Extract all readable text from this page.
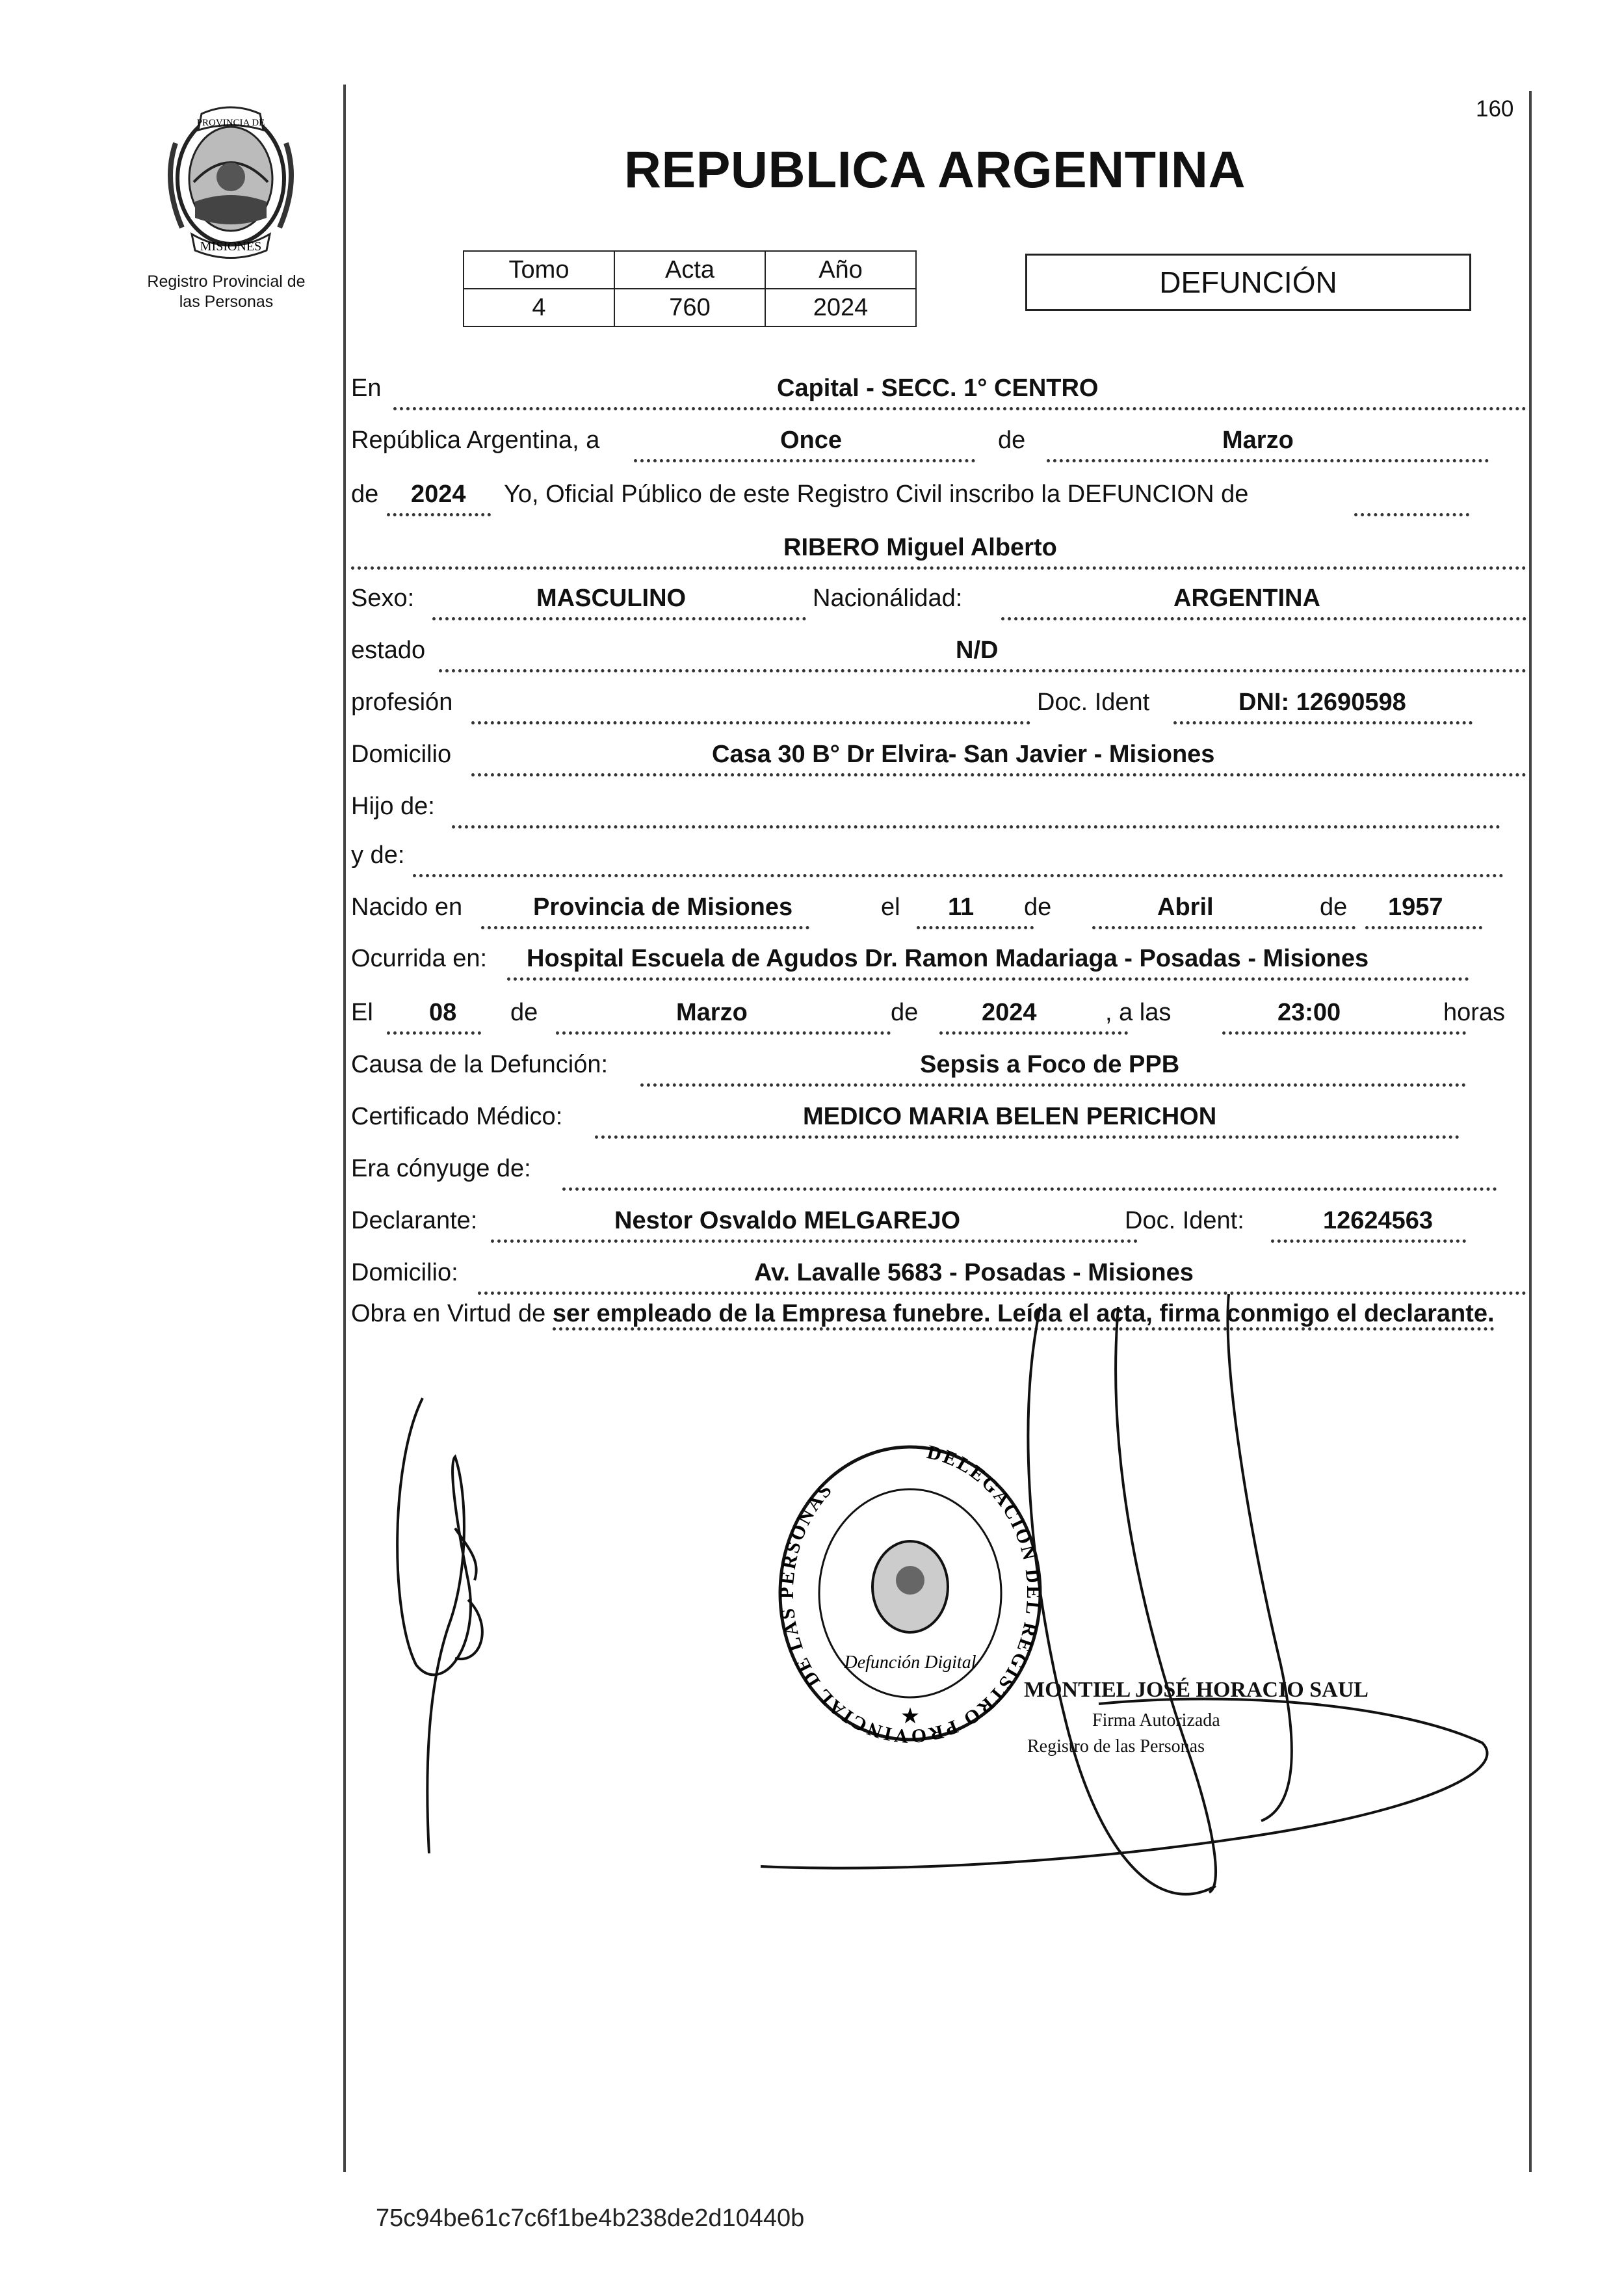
PROVINCIA DE
MISIONES
Registro Provincial de
las Personas
160
REPUBLICA ARGENTINA
Tomo	Acta	Año
4	760	2024
DEFUNCIÓN
En	Capital - SECC. 1° CENTRO
República Argentina, a	Once	de	Marzo
de 2024 Yo, Oficial Público de este Registro Civil inscribo la DEFUNCION de
RIBERO Miguel Alberto
Sexo:	MASCULINO	Nacionálidad:	ARGENTINA
estado	N/D
profesión	Doc. Ident	DNI: 12690598
Domicilio	Casa 30 B° Dr Elvira- San Javier - Misiones
Hijo de:
y de:
Nacido en	Provincia de Misiones	el 11 de	Abril	de 1957
Ocurrida en: Hospital Escuela de Agudos Dr. Ramon Madariaga - Posadas - Misiones
El 08 de	Marzo	de	2024	, a las	23:00	horas
Causa de la Defunción:	Sepsis a Foco de PPB
Certificado Médico:	MEDICO MARIA BELEN PERICHON
Era cónyuge de:
Declarante:	Nestor Osvaldo MELGAREJO	Doc. Ident:	12624563
Domicilio:	Av. Lavalle 5683 - Posadas - Misiones
Obra en Virtud de ser empleado de la Empresa funebre. Leída el acta, firma conmigo el declarante.
DELEGACION DEL REGISTRO PROVINCIAL DE LAS PERSONAS
Defunción Digital
★
MONTIEL JOSÉ HORACIO SAUL
Firma Autorizada
Registro de las Personas
75c94be61c7c6f1be4b238de2d10440b
